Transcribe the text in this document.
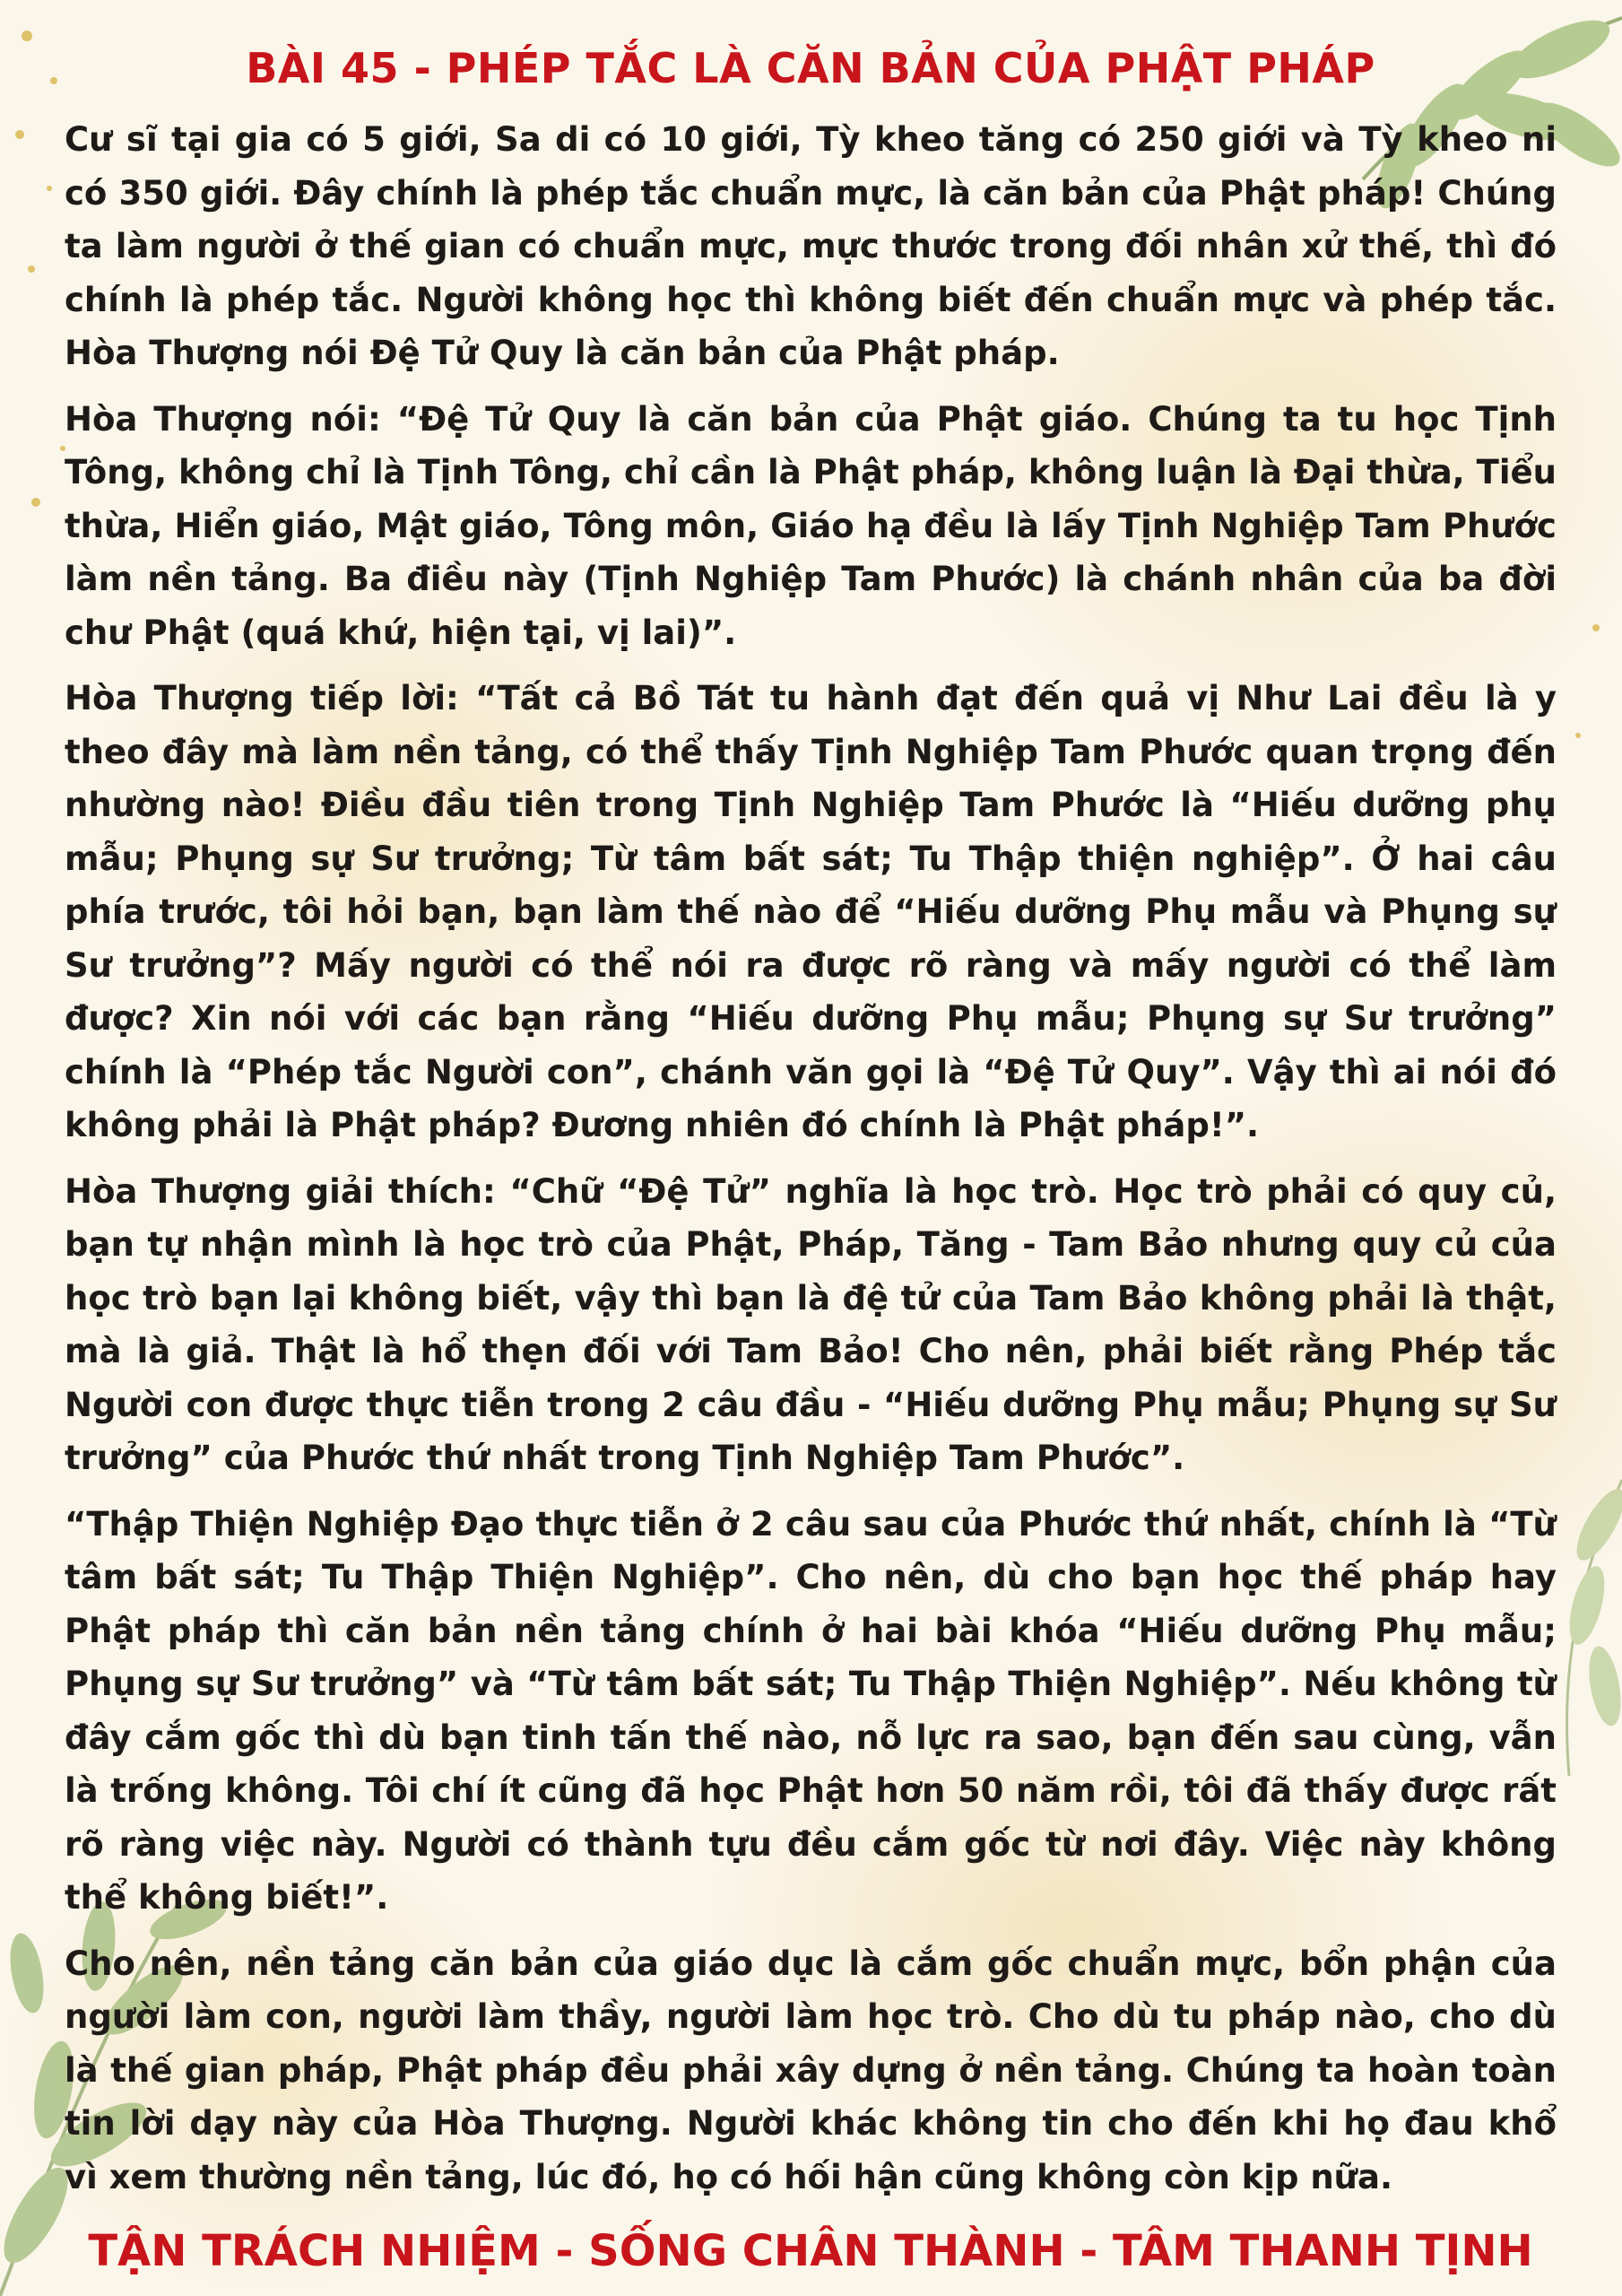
BÀI 45 - PHÉP TẮC LÀ CĂN BẢN CỦA PHẬT PHÁP
Cư sĩ tại gia có 5 giới, Sa di có 10 giới, Tỳ kheo tăng có 250 giới và Tỳ kheo ni có 350 giới. Đây chính là phép tắc chuẩn mực, là căn bản của Phật pháp! Chúng ta làm người ở thế gian có chuẩn mực, mực thước trong đối nhân xử thế, thì đó chính là phép tắc. Người không học thì không biết đến chuẩn mực và phép tắc. Hòa Thượng nói Đệ Tử Quy là căn bản của Phật pháp.
Hòa Thượng nói: “Đệ Tử Quy là căn bản của Phật giáo. Chúng ta tu học Tịnh Tông, không chỉ là Tịnh Tông, chỉ cần là Phật pháp, không luận là Đại thừa, Tiểu thừa, Hiển giáo, Mật giáo, Tông môn, Giáo hạ đều là lấy Tịnh Nghiệp Tam Phước làm nền tảng. Ba điều này (Tịnh Nghiệp Tam Phước) là chánh nhân của ba đời chư Phật (quá khứ, hiện tại, vị lai)”.
Hòa Thượng tiếp lời: “Tất cả Bồ Tát tu hành đạt đến quả vị Như Lai đều là y theo đây mà làm nền tảng, có thể thấy Tịnh Nghiệp Tam Phước quan trọng đến nhường nào! Điều đầu tiên trong Tịnh Nghiệp Tam Phước là “Hiếu dưỡng phụ mẫu; Phụng sự Sư trưởng; Từ tâm bất sát; Tu Thập thiện nghiệp”. Ở hai câu phía trước, tôi hỏi bạn, bạn làm thế nào để “Hiếu dưỡng Phụ mẫu và Phụng sự Sư trưởng”? Mấy người có thể nói ra được rõ ràng và mấy người có thể làm được? Xin nói với các bạn rằng “Hiếu dưỡng Phụ mẫu; Phụng sự Sư trưởng” chính là “Phép tắc Người con”, chánh văn gọi là “Đệ Tử Quy”. Vậy thì ai nói đó không phải là Phật pháp? Đương nhiên đó chính là Phật pháp!”.
Hòa Thượng giải thích: “Chữ “Đệ Tử” nghĩa là học trò. Học trò phải có quy củ, bạn tự nhận mình là học trò của Phật, Pháp, Tăng - Tam Bảo nhưng quy củ của học trò bạn lại không biết, vậy thì bạn là đệ tử của Tam Bảo không phải là thật, mà là giả. Thật là hổ thẹn đối với Tam Bảo! Cho nên, phải biết rằng Phép tắc Người con được thực tiễn trong 2 câu đầu - “Hiếu dưỡng Phụ mẫu; Phụng sự Sư trưởng” của Phước thứ nhất trong Tịnh Nghiệp Tam Phước”.
“Thập Thiện Nghiệp Đạo thực tiễn ở 2 câu sau của Phước thứ nhất, chính là “Từ tâm bất sát; Tu Thập Thiện Nghiệp”. Cho nên, dù cho bạn học thế pháp hay Phật pháp thì căn bản nền tảng chính ở hai bài khóa “Hiếu dưỡng Phụ mẫu; Phụng sự Sư trưởng” và “Từ tâm bất sát; Tu Thập Thiện Nghiệp”. Nếu không từ đây cắm gốc thì dù bạn tinh tấn thế nào, nỗ lực ra sao, bạn đến sau cùng, vẫn là trống không. Tôi chí ít cũng đã học Phật hơn 50 năm rồi, tôi đã thấy được rất rõ ràng việc này. Người có thành tựu đều cắm gốc từ nơi đây. Việc này không thể không biết!”.
Cho nên, nền tảng căn bản của giáo dục là cắm gốc chuẩn mực, bổn phận của người làm con, người làm thầy, người làm học trò. Cho dù tu pháp nào, cho dù là thế gian pháp, Phật pháp đều phải xây dựng ở nền tảng. Chúng ta hoàn toàn tin lời dạy này của Hòa Thượng. Người khác không tin cho đến khi họ đau khổ vì xem thường nền tảng, lúc đó, họ có hối hận cũng không còn kịp nữa.
TẬN TRÁCH NHIỆM - SỐNG CHÂN THÀNH - TÂM THANH TỊNH
